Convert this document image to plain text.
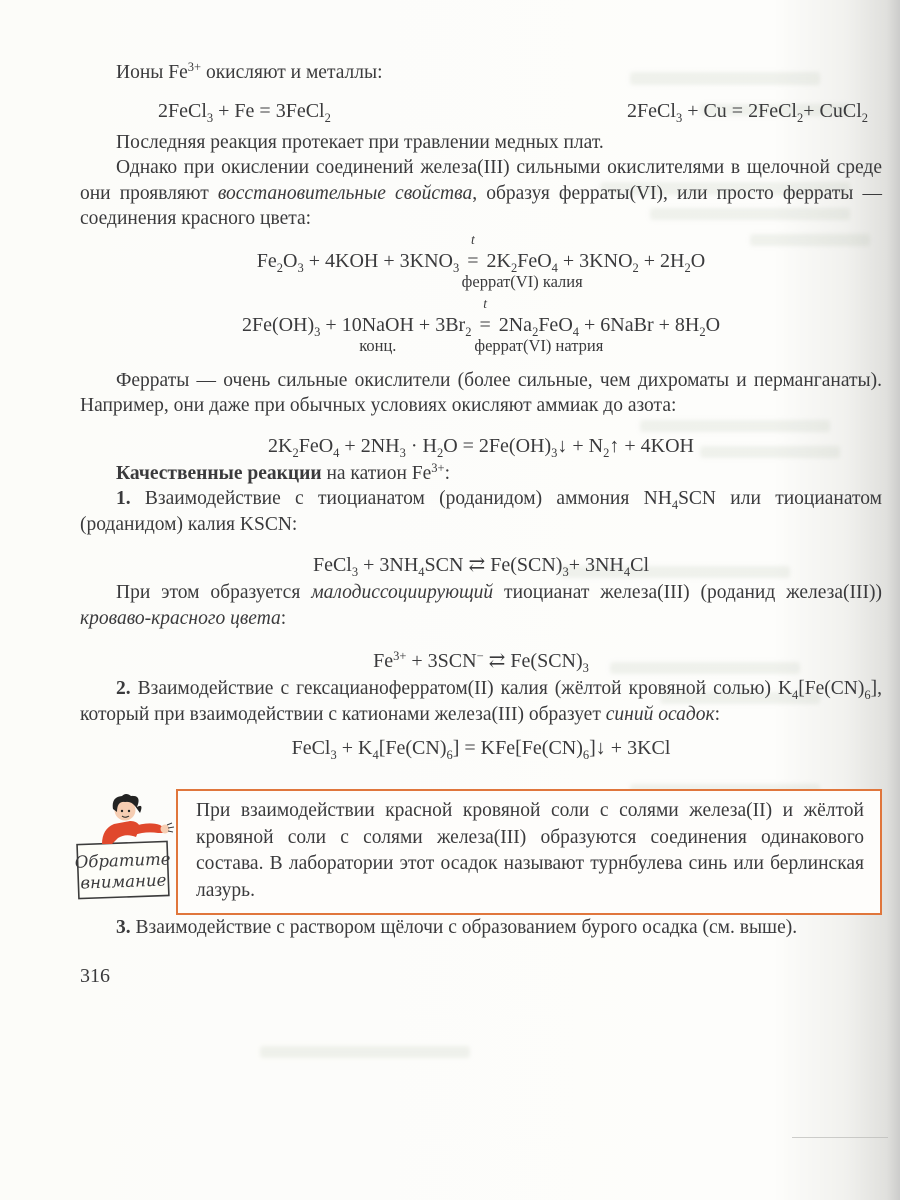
Ионы $Fe^{3+}$ окисляют и металлы:

2FeCl$_3$ + Fe = 3FeCl$_2$	2FeCl$_3$ + Cu = 2FeCl$_2$+ CuCl$_2$

Последняя реакция протекает при травлении медных плат.

Однако при окислении соединений железа(III) сильными окислителями в щелочной среде они проявляют восстановительные свойства, образуя ферраты(VI), или просто ферраты — соединения красного цвета:

$Fe_2O_3 + 4KOH + 3KNO_3$
t
= $2K_2FeO_4$
феррат(VI) калия
+ $3KNO_2 + 2H_2O$
$2Fe(OH)_3$ + 10NaOH
конц.
+ $3Br_2$
t
= $2Na_2FeO_4$
феррат(VI) натрия
+ 6NaBr + $8H_2O$

Ферраты — очень сильные окислители (более сильные, чем дихроматы и перманганаты). Например, они даже при обычных условиях окисляют аммиак до азота:

$2K_2FeO_4 + 2NH_3 \cdot H_2O$ = $2Fe(OH)_3↓$ + $N_2↑ + 4KOH$

Качественные реакции на катион $Fe^{3+}$:

1. Взаимодействие с тиоцианатом (роданидом) аммония $NH_4SCN$ или тиоцианатом (роданидом) калия KSCN:

FeCl$_3$ + $3NH_4SCN$ ⇄ $Fe(SCN)_3+ 3NH_4Cl$

При этом образуется малодиссоциирующий тиоцианат железа(III) (роданид железа(III)) кроваво-красного цвета:

$Fe^{3+} + 3SCN^-$ ⇄ $Fe(SCN)_3$

2. Взаимодействие с гексацианоферратом(II) калия (жёлтой кровяной солью) $K_4[Fe(CN)_6]$, который при взаимодействии с катионами железа(III) образует синий осадок:

FeCl$_3$ + $K_4[Fe(CN)_6]$ = $KFe[Fe(CN)_6]↓ + 3KCl$
Обратите
внимание

При взаимодействии красной кровяной соли с солями железа(II) и жёлтой кровяной соли с солями железа(III) образуются соединения одинакового состава. В лаборатории этот осадок называют турнбулева синь или берлинская лазурь.

3. Взаимодействие с раствором щёлочи с образованием бурого осадка (см. выше).

316
